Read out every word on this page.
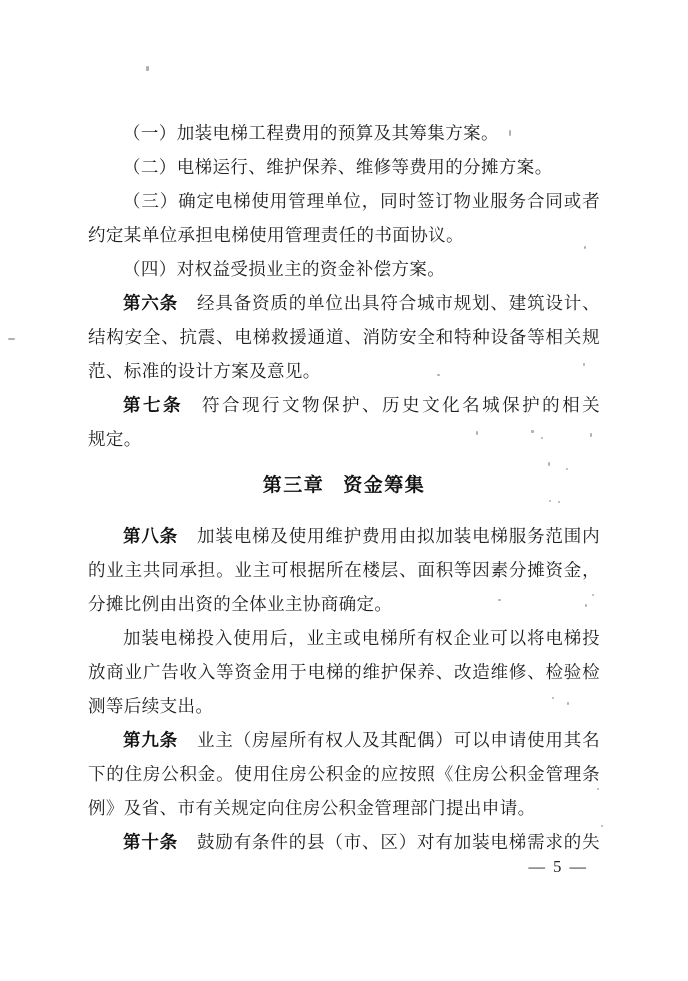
（一）加装电梯工程费用的预算及其筹集方案。
（二）电梯运行、维护保养、维修等费用的分摊方案。
（三）确定电梯使用管理单位，同时签订物业服务合同或者
约定某单位承担电梯使用管理责任的书面协议。
（四）对权益受损业主的资金补偿方案。
第六条 经具备资质的单位出具符合城市规划、建筑设计、
结构安全、抗震、电梯救援通道、消防安全和特种设备等相关规
范、标准的设计方案及意见。
第七条 符合现行文物保护、历史文化名城保护的相关
规定。
第三章 资金筹集
第八条 加装电梯及使用维护费用由拟加装电梯服务范围内
的业主共同承担。业主可根据所在楼层、面积等因素分摊资金，
分摊比例由出资的全体业主协商确定。
加装电梯投入使用后，业主或电梯所有权企业可以将电梯投
放商业广告收入等资金用于电梯的维护保养、改造维修、检验检
测等后续支出。
第九条 业主（房屋所有权人及其配偶）可以申请使用其名
下的住房公积金。使用住房公积金的应按照《住房公积金管理条
例》及省、市有关规定向住房公积金管理部门提出申请。
第十条 鼓励有条件的县（市、区）对有加装电梯需求的失
— 5 —
